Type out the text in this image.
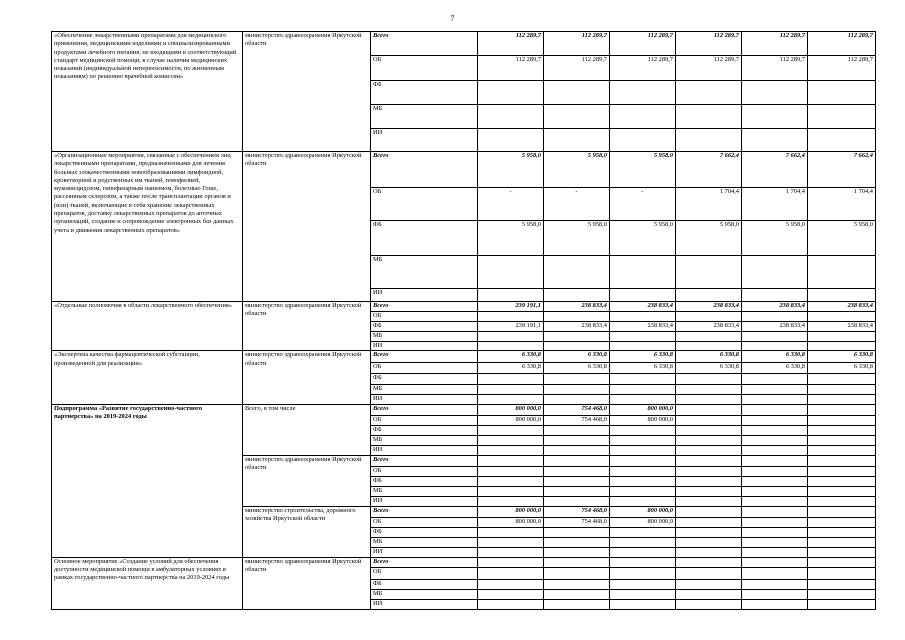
7
«Обеспечение лекарственными препаратами для медицинского применения, медицинскими изделиями и специализированными продуктами лечебного питания, не входящими в соответствующий стандарт медицинской помощи, в случае наличия медицинских показаний (индивидуальной непереносимости, по жизненным показаниям) по решению врачебной комиссии»	министерство здравоохранения Иркутской области	Всего	112 289,7	112 289,7	112 289,7	112 289,7	112 289,7	112 289,7
		ОБ	112 289,7	112 289,7	112 289,7	112 289,7	112 289,7	112 289,7
		ФБ						
		МБ						
		ИИ						
«Организационные мероприятия, связанные с обеспечением лиц лекарственными препаратами, предназначенными для лечения больных злокачественными новообразованиями лимфоидной, кроветворной и родственных им тканей, гемофилией, муковисцидозом, гипофизарным нанизмом, болезнью Гоше, рассеянным склерозом, а также после трансплантации органов и (или) тканей, включающие в себя хранение лекарственных препаратов, доставку лекарственных препаратов до аптечных организаций, создание и сопровождение электронных баз данных учета и движения лекарственных препаратов»	министерство здравоохранения Иркутской области	Всего	5 958,0	5 958,0	5 958,0	7 662,4	7 662,4	7 662,4
		ОБ	-	-	-	1 704,4	1 704,4	1 704,4
		ФБ	5 958,0	5 958,0	5 958,0	5 958,0	5 958,0	5 958,0
		МБ						
		ИИ						
«Отдельные полномочия в области лекарственного обеспечения»	министерство здравоохранения Иркутской области	Всего	239 191,1	238 833,4	238 833,4	238 833,4	238 833,4	238 833,4
		ОБ						
		ФБ	239 191,1	238 833,4	238 833,4	238 833,4	238 833,4	238 833,4
		МБ						
		ИИ						
«Экспертиза качества фармацевтической субстанции, произведенной для реализации»	министерство здравоохранения Иркутской области	Всего	6 330,8	6 330,8	6 330,8	6 330,8	6 330,8	6 330,8
		ОБ	6 330,8	6 330,8	6 330,8	6 330,8	6 330,8	6 330,8
		ФБ						
		МБ						
		ИИ						
Подпрограмма «Развитие государственно-частного партнерства» на 2019-2024 годы	Всего, в том числе	Всего	800 000,0	754 468,0	800 000,0			
		ОБ	800 000,0	754 468,0	800 000,0			
		ФБ						
		МБ						
		ИИ						
	министерство здравоохранения Иркутской области	Всего						
		ОБ						
		ФБ						
		МБ						
		ИИ						
	министерство строительства, дорожного хозяйства Иркутской области	Всего	800 000,0	754 468,0	800 000,0			
		ОБ	800 000,0	754 468,0	800 000,0			
		ФБ						
		МБ						
		ИИ						
Основное мероприятие «Создание условий для обеспечения доступности медицинской помощи в амбулаторных условиях в рамках государственно-частного партнерства на 2019-2024 годы	министерство здравоохранения Иркутской области	Всего						
		ОБ						
		ФБ						
		МБ						
		ИИ						
